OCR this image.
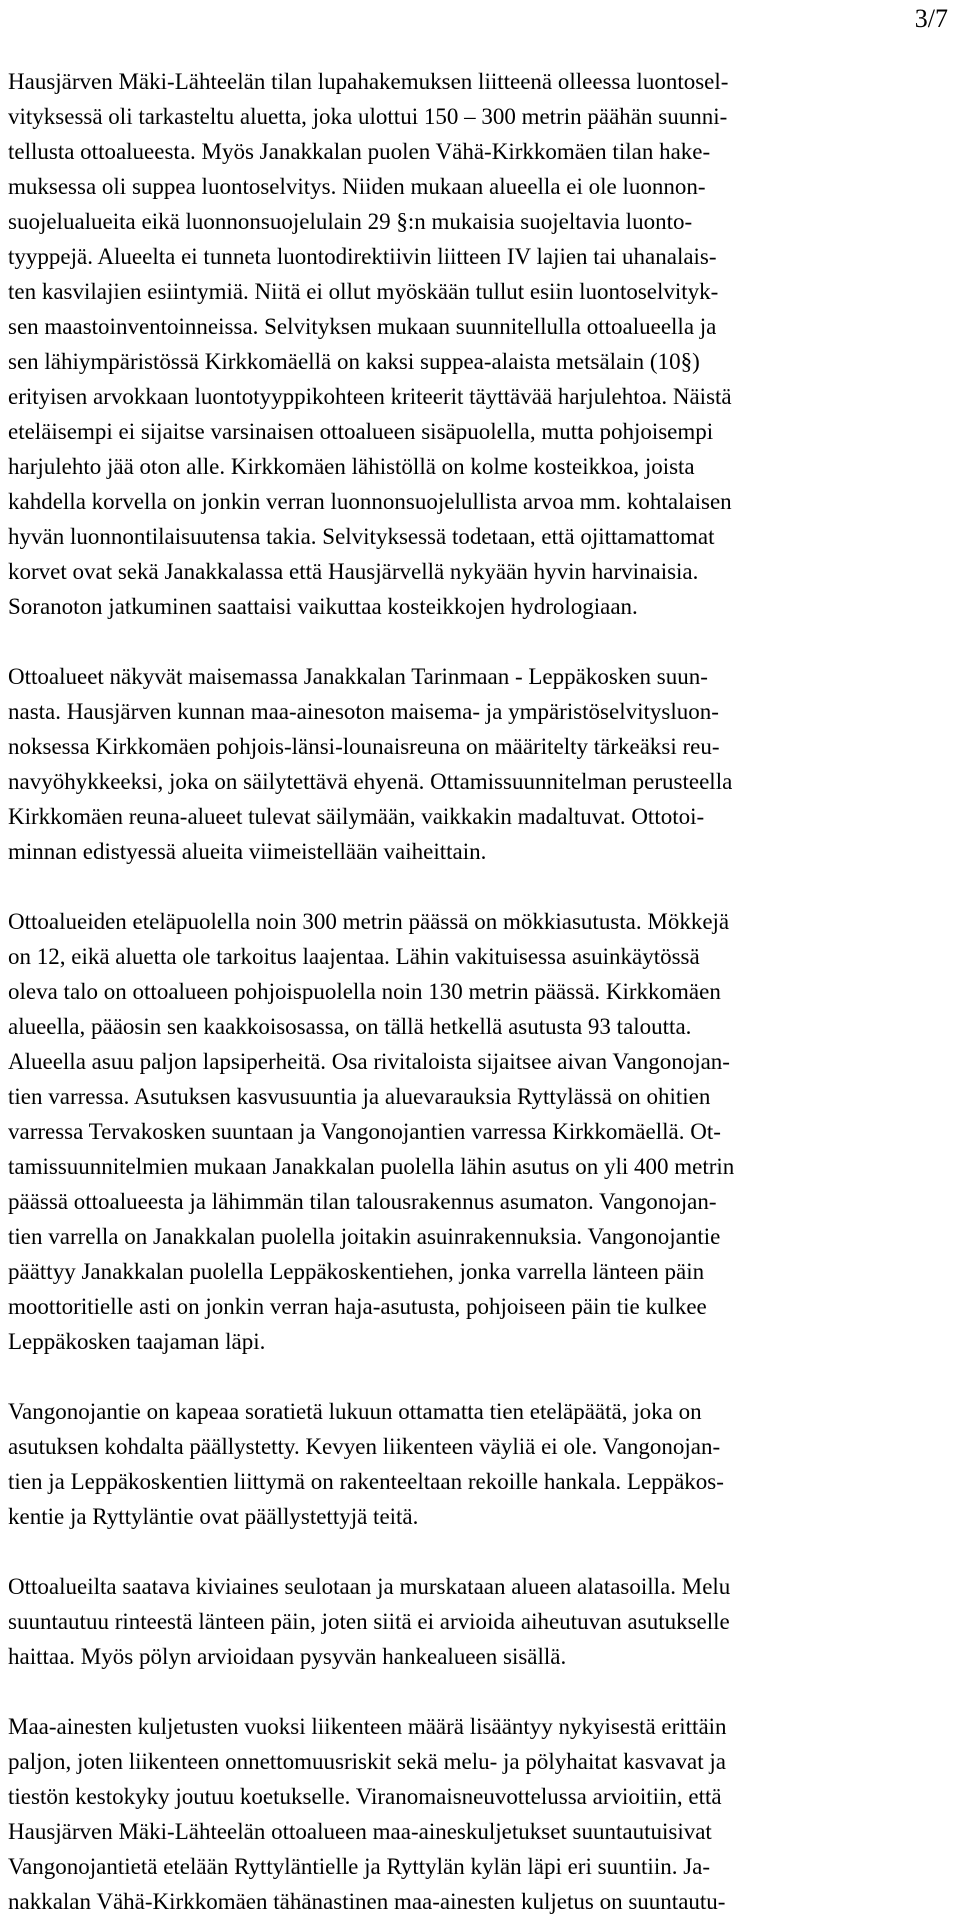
3/7
Hausjärven Mäki-Lähteelän tilan lupahakemuksen liitteenä olleessa luontosel-
vityksessä oli tarkasteltu aluetta, joka ulottui 150 – 300 metrin päähän suunni-
tellusta ottoalueesta. Myös Janakkalan puolen Vähä-Kirkkomäen tilan hake-
muksessa oli suppea luontoselvitys. Niiden mukaan alueella ei ole luonnon-
suojelualueita eikä luonnonsuojelulain 29 §:n mukaisia suojeltavia luonto-
tyyppejä. Alueelta ei tunneta luontodirektiivin liitteen IV lajien tai uhanalais-
ten kasvilajien esiintymiä. Niitä ei ollut myöskään tullut esiin luontoselvityk-
sen maastoinventoinneissa. Selvityksen mukaan suunnitellulla ottoalueella ja
sen lähiympäristössä Kirkkomäellä on kaksi suppea-alaista metsälain (10§)
erityisen arvokkaan luontotyyppikohteen kriteerit täyttävää harjulehtoa. Näistä
eteläisempi ei sijaitse varsinaisen ottoalueen sisäpuolella, mutta pohjoisempi
harjulehto jää oton alle. Kirkkomäen lähistöllä on kolme kosteikkoa, joista
kahdella korvella on jonkin verran luonnonsuojelullista arvoa mm. kohtalaisen
hyvän luonnontilaisuutensa takia. Selvityksessä todetaan, että ojittamattomat
korvet ovat sekä Janakkalassa että Hausjärvellä nykyään hyvin harvinaisia.
Soranoton jatkuminen saattaisi vaikuttaa kosteikkojen hydrologiaan.
Ottoalueet näkyvät maisemassa Janakkalan Tarinmaan - Leppäkosken suun-
nasta. Hausjärven kunnan maa-ainesoton maisema- ja ympäristöselvitysluon-
noksessa Kirkkomäen pohjois-länsi-lounaisreuna on määritelty tärkeäksi reu-
navyöhykkeeksi, joka on säilytettävä ehyenä. Ottamissuunnitelman perusteella
Kirkkomäen reuna-alueet tulevat säilymään, vaikkakin madaltuvat. Ottotoi-
minnan edistyessä alueita viimeistellään vaiheittain.
Ottoalueiden eteläpuolella noin 300 metrin päässä on mökkiasutusta. Mökkejä
on 12, eikä aluetta ole tarkoitus laajentaa. Lähin vakituisessa asuinkäytössä
oleva talo on ottoalueen pohjoispuolella noin 130 metrin päässä. Kirkkomäen
alueella, pääosin sen kaakkoisosassa, on tällä hetkellä asutusta 93 taloutta.
Alueella asuu paljon lapsiperheitä. Osa rivitaloista sijaitsee aivan Vangonojan-
tien varressa. Asutuksen kasvusuuntia ja aluevarauksia Ryttylässä on ohitien
varressa Tervakosken suuntaan ja Vangonojantien varressa Kirkkomäellä. Ot-
tamissuunnitelmien mukaan Janakkalan puolella lähin asutus on yli 400 metrin
päässä ottoalueesta ja lähimmän tilan talousrakennus asumaton. Vangonojan-
tien varrella on Janakkalan puolella joitakin asuinrakennuksia. Vangonojantie
päättyy Janakkalan puolella Leppäkoskentiehen, jonka varrella länteen päin
moottoritielle asti on jonkin verran haja-asutusta, pohjoiseen päin tie kulkee
Leppäkosken taajaman läpi.
Vangonojantie on kapeaa soratietä lukuun ottamatta tien eteläpäätä, joka on
asutuksen kohdalta päällystetty. Kevyen liikenteen väyliä ei ole. Vangonojan-
tien ja Leppäkoskentien liittymä on rakenteeltaan rekoille hankala. Leppäkos-
kentie ja Ryttyläntie ovat päällystettyjä teitä.
Ottoalueilta saatava kiviaines seulotaan ja murskataan alueen alatasoilla. Melu
suuntautuu rinteestä länteen päin, joten siitä ei arvioida aiheutuvan asutukselle
haittaa. Myös pölyn arvioidaan pysyvän hankealueen sisällä.
Maa-ainesten kuljetusten vuoksi liikenteen määrä lisääntyy nykyisestä erittäin
paljon, joten liikenteen onnettomuusriskit sekä melu- ja pölyhaitat kasvavat ja
tiestön kestokyky joutuu koetukselle. Viranomaisneuvottelussa arvioitiin, että
Hausjärven Mäki-Lähteelän ottoalueen maa-aineskuljetukset suuntautuisivat
Vangonojantietä etelään Ryttyläntielle ja Ryttylän kylän läpi eri suuntiin. Ja-
nakkalan Vähä-Kirkkomäen tähänastinen maa-ainesten kuljetus on suuntautu-
